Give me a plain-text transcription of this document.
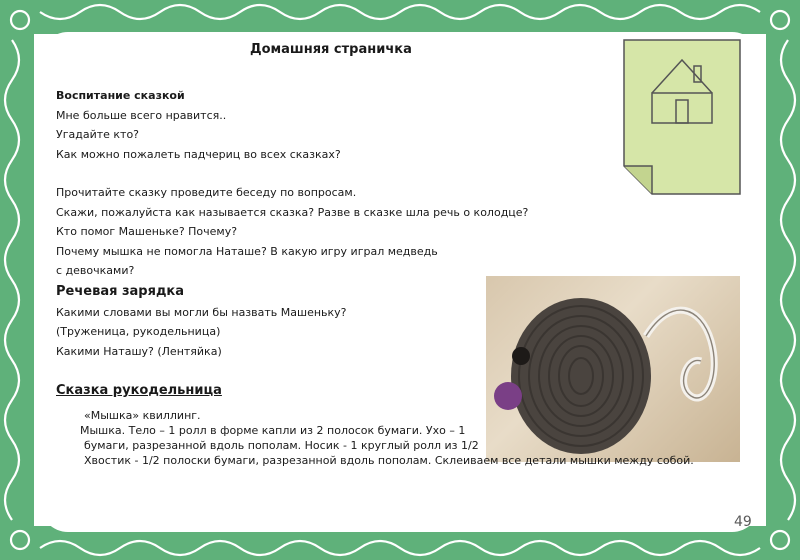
Домашняя страничка
Воспитание сказкой
Мне больше всего нравится..
Угадайте кто?
Как можно пожалеть падчериц во всех сказках?
Прочитайте сказку проведите беседу по вопросам.
Скажи, пожалуйста как называется сказка? Разве в сказке шла речь о колодце?
Кто помог Машеньке? Почему?
Почему мышка не помогла Наташе? В какую игру играл медведь
с девочками?
Речевая зарядка
Какими словами вы могли бы назвать Машеньку?
(Труженица, рукодельница)
Какими Наташу? (Лентяйка)
Сказка рукодельница
«Мышка» квиллинг.
Мышка. Тело – 1 ролл в форме капли из 2 полосок бумаги. Ухо – 1
бумаги, разрезанной вдоль пополам. Носик - 1 круглый ролл из 1/2
Хвостик - 1/2 полоски бумаги, разрезанной вдоль пополам. Склеиваем все детали мышки между собой.
49
